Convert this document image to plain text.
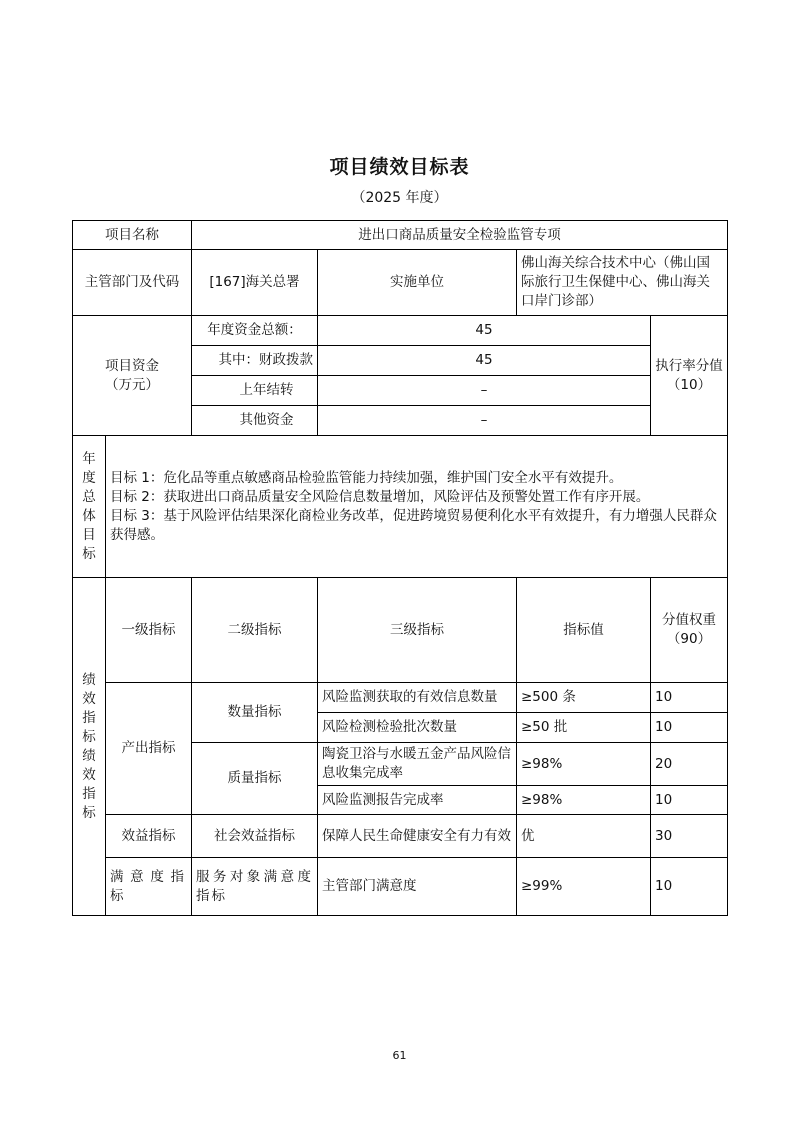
项目绩效目标表
（2025 年度）
项目名称		进出口商品质量安全检验监管专项			
主管部门及代码		[167]海关总署	实施单位	佛山海关综合技术中心（佛山国际旅行卫生保健中心、佛山海关口岸门诊部）	
项目资金（万元）		年度资金总额：	45		执行率分值（10）
		其中：财政拨款	45		
		上年结转	–		
		其他资金	–		

年度总体目标	目标 1：危化品等重点敏感商品检验监管能力持续加强，维护国门安全水平有效提升。
目标 2：获取进出口商品质量安全风险信息数量增加，风险评估及预警处置工作有序开展。
目标 3：基于风险评估结果深化商检业务改革，促进跨境贸易便利化水平有效提升，有力增强人民群众获得感。				

绩效指标绩效指标	一级指标	二级指标	三级指标	指标值	分值权重（90）
	产出指标	数量指标	风险监测获取的有效信息数量	≥500 条	10
			风险检测检验批次数量	≥50 批	10
		质量指标	陶瓷卫浴与水暖五金产品风险信息收集完成率	≥98%	20
			风险监测报告完成率	≥98%	10
	效益指标	社会效益指标	保障人民生命健康安全有力有效	优	30
	满意度指标	服务对象满意度指标	主管部门满意度	≥99%	10
61
